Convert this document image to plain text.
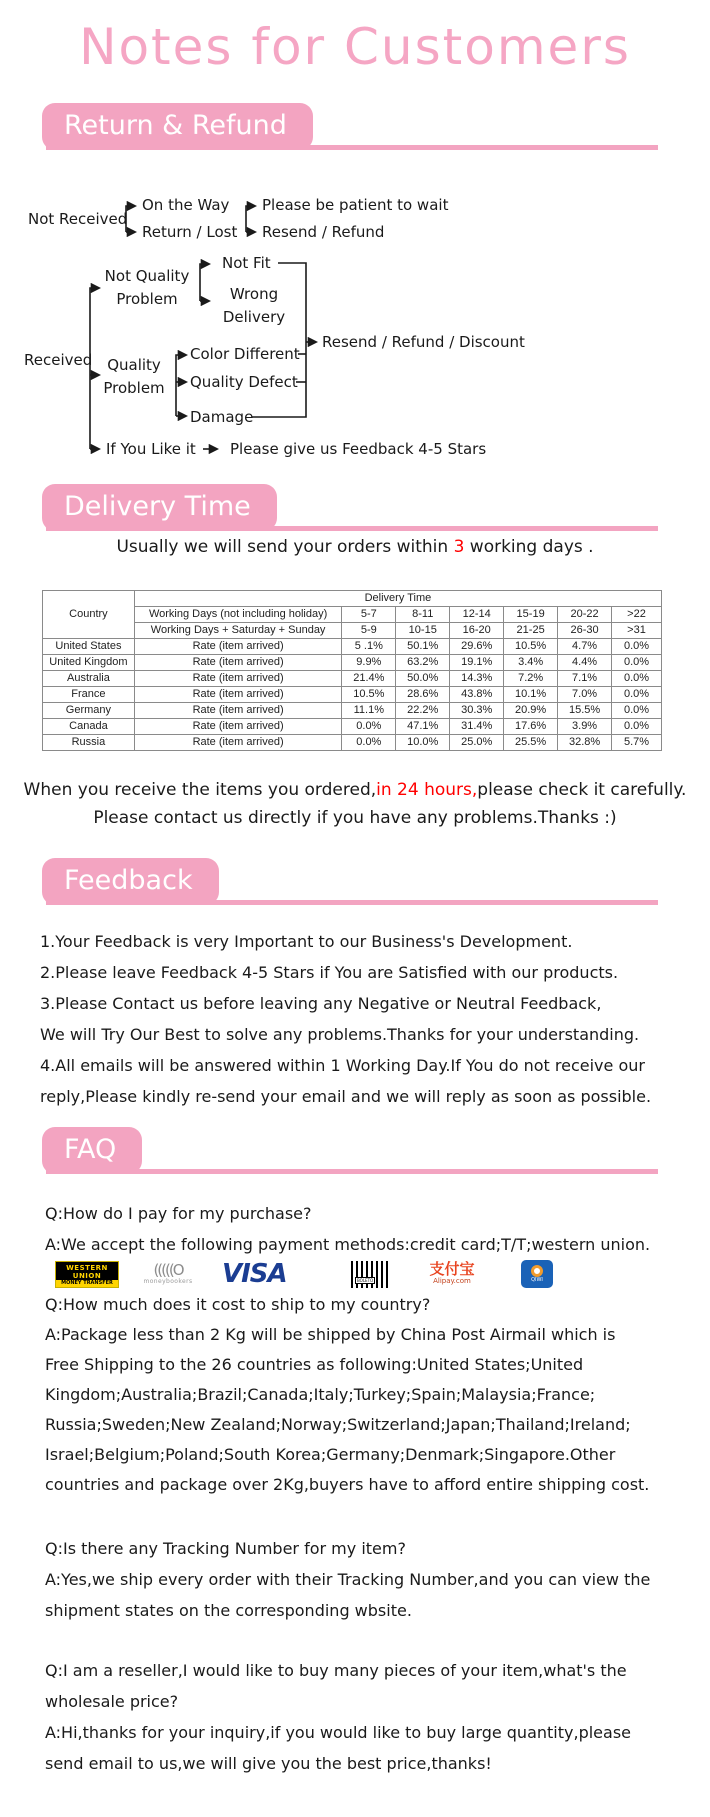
Notes for Customers
Return & Refund
Not Received
On the Way
Return / Lost
Please be patient to wait
Resend / Refund
Received
Not Quality Problem
Not Fit
Wrong Delivery
Quality Problem
Color Different
Quality Defect
Damage
Resend / Refund / Discount
If You Like it Please give us Feedback 4-5 Stars
Delivery Time
Usually we will send your orders within 3 working days .
Country	Delivery Time						
	Working Days (not including holiday)	5-7	8-11	12-14	15-19	20-22	>22
	Working Days + Saturday + Sunday	5-9	10-15	16-20	21-25	26-30	>31
United States	Rate (item arrived)	5 .1%	50.1%	29.6%	10.5%	4.7%	0.0%
United Kingdom	Rate (item arrived)	9.9%	63.2%	19.1%	3.4%	4.4%	0.0%
Australia	Rate (item arrived)	21.4%	50.0%	14.3%	7.2%	7.1%	0.0%
France	Rate (item arrived)	10.5%	28.6%	43.8%	10.1%	7.0%	0.0%
Germany	Rate (item arrived)	11.1%	22.2%	30.3%	20.9%	15.5%	0.0%
Canada	Rate (item arrived)	0.0%	47.1%	31.4%	17.6%	3.9%	0.0%
Russia	Rate (item arrived)	0.0%	10.0%	25.0%	25.5%	32.8%	5.7%
When you receive the items you ordered,in 24 hours,please check it carefully.
Please contact us directly if you have any problems.Thanks :)
Feedback
1.Your Feedback is very Important to our Business's Development.
2.Please leave Feedback 4-5 Stars if You are Satisfied with our products.
3.Please Contact us before leaving any Negative or Neutral Feedback,
We will Try Our Best to solve any problems.Thanks for your understanding.
4.All emails will be answered within 1 Working Day.If You do not receive our
reply,Please kindly re-send your email and we will reply as soon as possible.
FAQ
Q:How do I pay for my purchase?
A:We accept the following payment methods:credit card;T/T;western union.
WESTERN
UNION
MONEY TRANSFER
(((((O
moneybookers VISA	BOLETO
支付宝
Alipay.com	QIWI
Q:How much does it cost to ship to my country?
A:Package less than 2 Kg will be shipped by China Post Airmail which is
Free Shipping to the 26 countries as following:United States;United
Kingdom;Australia;Brazil;Canada;Italy;Turkey;Spain;Malaysia;France;
Russia;Sweden;New Zealand;Norway;Switzerland;Japan;Thailand;Ireland;
Israel;Belgium;Poland;South Korea;Germany;Denmark;Singapore.Other
countries and package over 2Kg,buyers have to afford entire shipping cost.
Q:Is there any Tracking Number for my item?
A:Yes,we ship every order with their Tracking Number,and you can view the
shipment states on the corresponding wbsite.
Q:I am a reseller,I would like to buy many pieces of your item,what's the
wholesale price?
A:Hi,thanks for your inquiry,if you would like to buy large quantity,please
send email to us,we will give you the best price,thanks!
